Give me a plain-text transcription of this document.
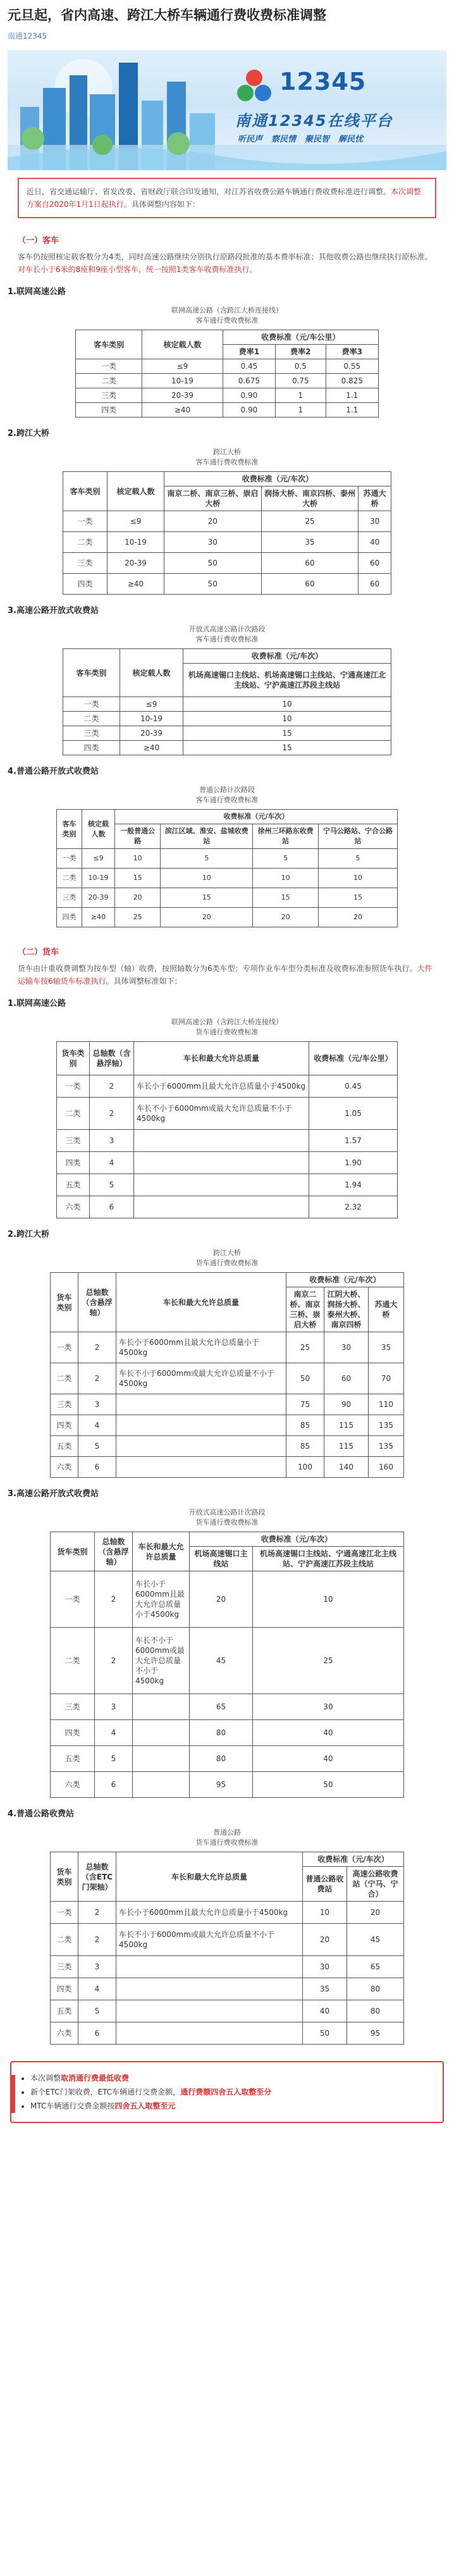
元旦起，省内高速、跨江大桥车辆通行费收费标准调整
南通12345
12345
南通12345在线平台
听民声	察民情	聚民智	解民忧
近日，省交通运输厅、省发改委、省财政厅联合印发通知，对江苏省收费公路车辆通行费收费标准进行调整。本次调整方案自2020年1月1日起执行。具体调整内容如下：
（一）客车
客车仍按照核定载客数分为4类，同时高速公路继续分别执行原路段批准的基本费率标准；其他收费公路也继续执行原标准。对车长小于6米的8座和9座小型客车，统一按照1类客车收费标准执行。
1.联网高速公路
联网高速公路（含跨江大桥连接线）
客车通行费收费标准
客车类别	核定载人数	收费标准（元/车公里）		
		费率1	费率2	费率3
一类	≤9	0.45	0.5	0.55
二类	10-19	0.675	0.75	0.825
三类	20-39	0.90	1	1.1
四类	≥40	0.90	1	1.1
2.跨江大桥
跨江大桥
客车通行费收费标准
客车类别	核定载人数	收费标准（元/车次）		
		南京二桥、南京三桥、崇启大桥	润扬大桥、南京四桥、泰州大桥	苏通大桥
一类	≤9	20	25	30
二类	10-19	30	35	40
三类	20-39	50	60	60
四类	≥40	50	60	60
3.高速公路开放式收费站
开放式高速公路计次路段
客车通行费收费标准
客车类别	核定载人数	收费标准（元/车次）
		机场高速锡口主线站、机场高速锡口主线站、宁通高速江北主线站、宁沪高速江苏段主线站
一类	≤9	10
二类	10-19	10
三类	20-39	15
四类	≥40	15
4.普通公路开放式收费站
普通公路计次路段
客车通行费收费标准
客车类别	核定载人数	收费标准（元/车次）			
		一般普通公路	滨江区域、淮安、盐城收费站	徐州三环路东收费站	宁马公路站、宁合公路站
一类	≤9	10	5	5	5
二类	10-19	15	10	10	10
三类	20-39	20	15	15	15
四类	≥40	25	20	20	20
（二）货车
货车由计重收费调整为按车型（轴）收费，按照轴数分为6类车型；专项作业车车型分类标准及收费标准参照货车执行。大件运输车按6轴货车标准执行。具体调整标准如下：
1.联网高速公路
联网高速公路（含跨江大桥连接线）
货车通行费收费标准
货车类别	总轴数（含悬浮轴）	车长和最大允许总质量	收费标准（元/车公里）
一类	2	车长小于6000mm且最大允许总质量小于4500kg	0.45
二类	2	车长不小于6000mm或最大允许总质量不小于4500kg	1.05
三类	3		1.57
四类	4		1.90
五类	5		1.94
六类	6		2.32
2.跨江大桥
跨江大桥
货车通行费收费标准
货车类别	总轴数（含悬浮轴）	车长和最大允许总质量	收费标准（元/车次）		
			南京二桥、南京三桥、崇启大桥	江阴大桥、润扬大桥、泰州大桥、南京四桥	苏通大桥
一类	2	车长小于6000mm且最大允许总质量小于4500kg	25	30	35
二类	2	车长不小于6000mm或最大允许总质量不小于4500kg	50	60	70
三类	3		75	90	110
四类	4		85	115	135
五类	5		85	115	135
六类	6		100	140	160
3.高速公路开放式收费站
开放式高速公路计次路段
货车通行费收费标准
货车类别	总轴数（含悬浮轴）	车长和最大允许总质量	收费标准（元/车次）	
			机场高速锡口主线站	机场高速锡口主线站、宁通高速江北主线站、宁沪高速江苏段主线站
一类	2	车长小于6000mm且最大允许总质量小于4500kg	20	10
二类	2	车长不小于6000mm或最大允许总质量不小于4500kg	45	25
三类	3		65	30
四类	4		80	40
五类	5		80	40
六类	6		95	50
4.普通公路收费站
普通公路
货车通行费收费标准
货车类别	总轴数（含ETC门架轴）	车长和最大允许总质量	收费标准（元/车次）	
			普通公路收费站	高速公路收费站（宁马、宁合）
一类	2	车长小于6000mm且最大允许总质量小于4500kg	10	20
二类	2	车长不小于6000mm或最大允许总质量不小于4500kg	20	45
三类	3		30	65
四类	4		35	80
五类	5		40	80
六类	6		50	95
• 本次调整取消通行费最低收费
• 新个ETC门架收费，ETC车辆通行交费金额，通行费额四舍五入取整至分
• MTC车辆通行交费金额按四舍五入取整至元
